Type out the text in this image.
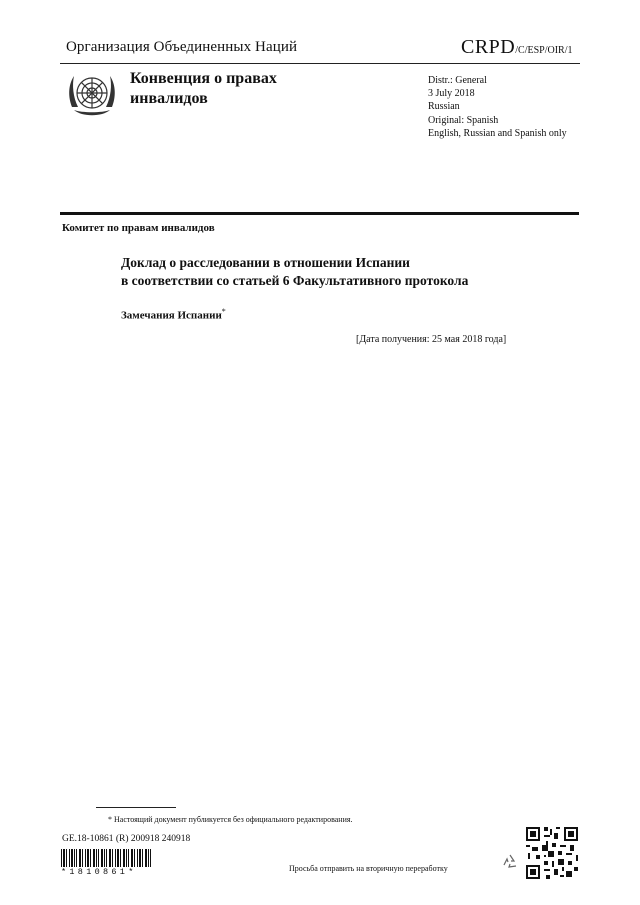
Организация Объединенных Наций	CRPD/C/ESP/OIR/1
Конвенция о правах
инвалидов
Distr.: General
3 July 2018
Russian
Original: Spanish
English, Russian and Spanish only
Комитет по правам инвалидов
Доклад о расследовании в отношении Испании
в соответствии со статьей 6 Факультативного протокола
Замечания Испании*
[Дата получения: 25 мая 2018 года]
* Настоящий документ публикуется без официального редактирования.
GE.18-10861 (R) 200918 240918
*1810861*	Просьба отправить на вторичную переработку
